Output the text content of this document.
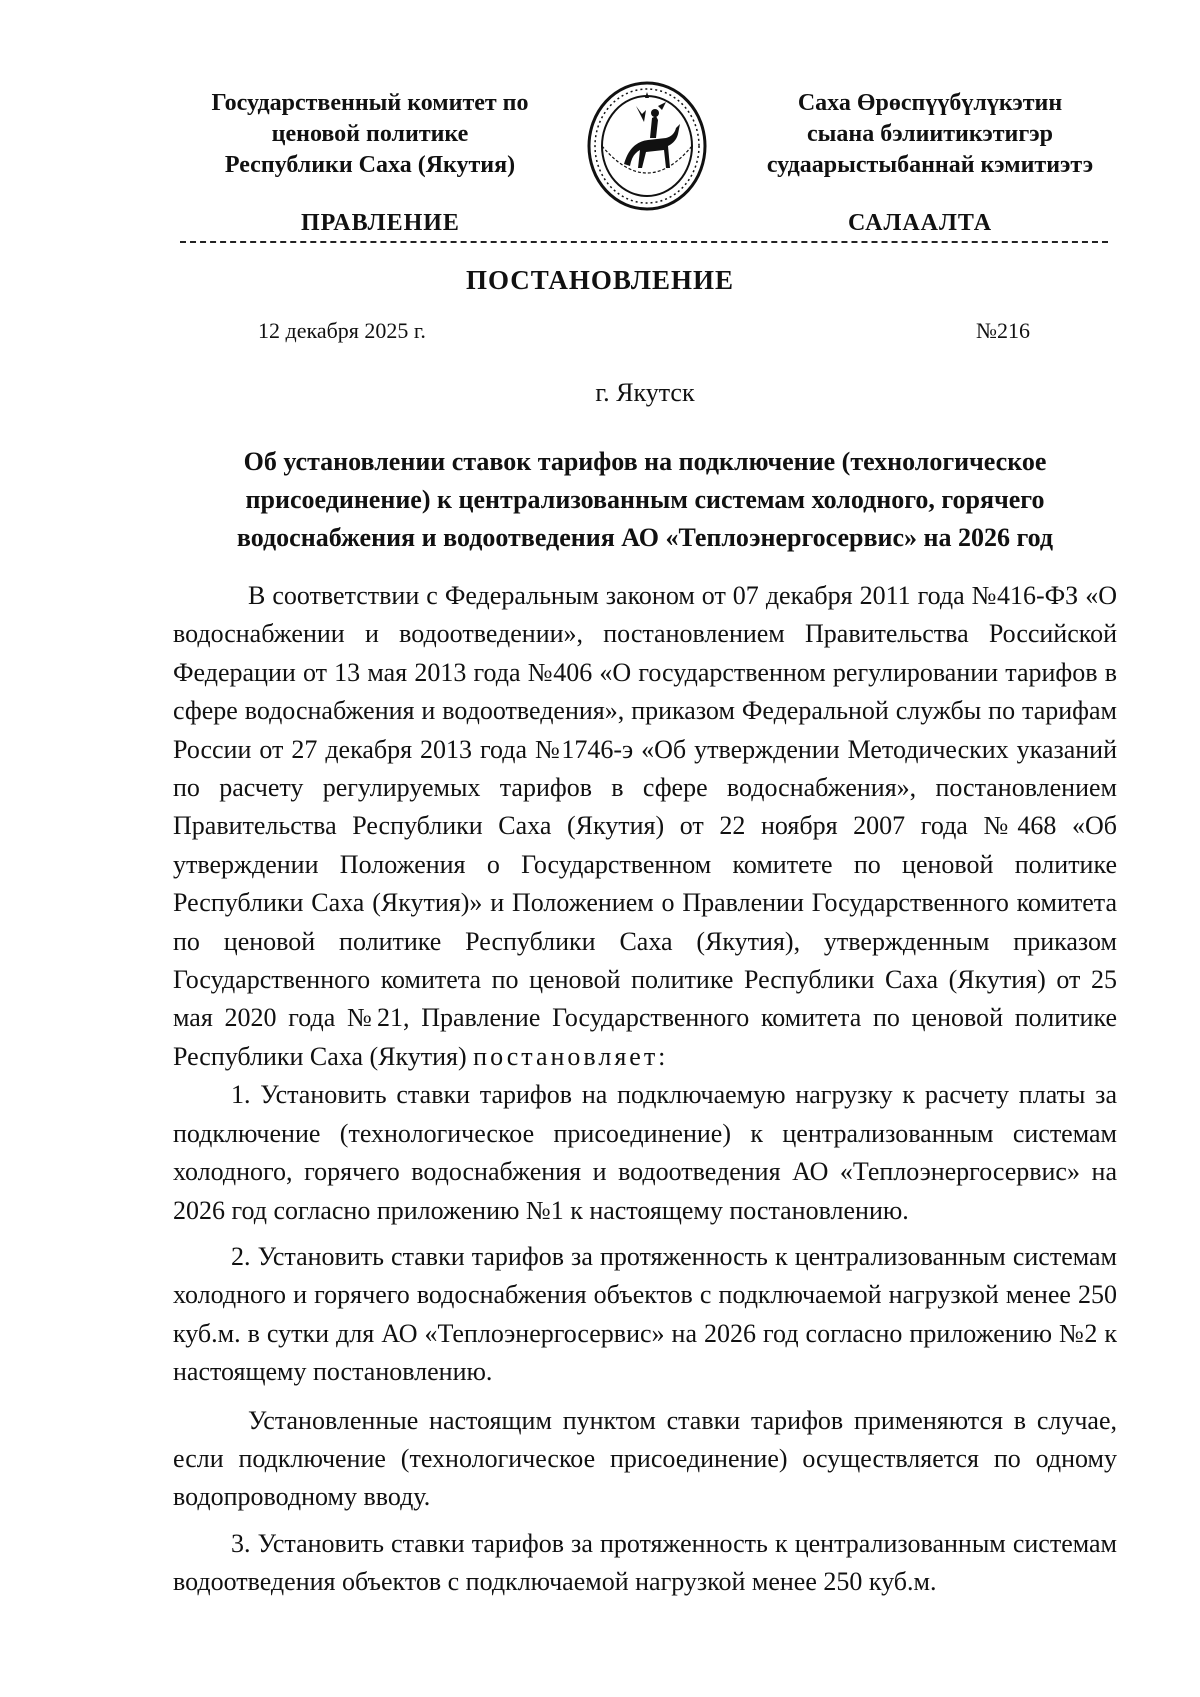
Государственный комитет по
ценовой политике
Республики Саха (Якутия)
Саха Өрөспүүбүлүкэтин
сыана бэлиитикэтигэр
судаарыстыбаннай кэмитиэтэ
ПРАВЛЕНИЕ	САЛААЛТА
ПОСТАНОВЛЕНИЕ
12 декабря 2025 г.	№216
г. Якутск
Об установлении ставок тарифов на подключение (технологическое присоединение) к централизованным системам холодного, горячего водоснабжения и водоотведения АО «Теплоэнергосервис» на 2026 год

В соответствии с Федеральным законом от 07 декабря 2011 года №416-ФЗ «О водоснабжении и водоотведении», постановлением Правительства Российской Федерации от 13 мая 2013 года №406 «О государственном регулировании тарифов в сфере водоснабжения и водоотведения», приказом Федеральной службы по тарифам России от 27 декабря 2013 года №1746-э «Об утверждении Методических указаний по расчету регулируемых тарифов в сфере водоснабжения», постановлением Правительства Республики Саха (Якутия) от 22 ноября 2007 года №468 «Об утверждении Положения о Государственном комитете по ценовой политике Республики Саха (Якутия)» и Положением о Правлении Государственного комитета по ценовой политике Республики Саха (Якутия), утвержденным приказом Государственного комитета по ценовой политике Республики Саха (Якутия) от 25 мая 2020 года №21, Правление Государственного комитета по ценовой политике Республики Саха (Якутия) постановляет:

1. Установить ставки тарифов на подключаемую нагрузку к расчету платы за подключение (технологическое присоединение) к централизованным системам холодного, горячего водоснабжения и водоотведения АО «Теплоэнергосервис» на 2026 год согласно приложению №1 к настоящему постановлению.

2. Установить ставки тарифов за протяженность к централизованным системам холодного и горячего водоснабжения объектов с подключаемой нагрузкой менее 250 куб.м. в сутки для АО «Теплоэнергосервис» на 2026 год согласно приложению №2 к настоящему постановлению.

Установленные настоящим пунктом ставки тарифов применяются в случае, если подключение (технологическое присоединение) осуществляется по одному водопроводному вводу.

3. Установить ставки тарифов за протяженность к централизованным системам водоотведения объектов с подключаемой нагрузкой менее 250 куб.м.
